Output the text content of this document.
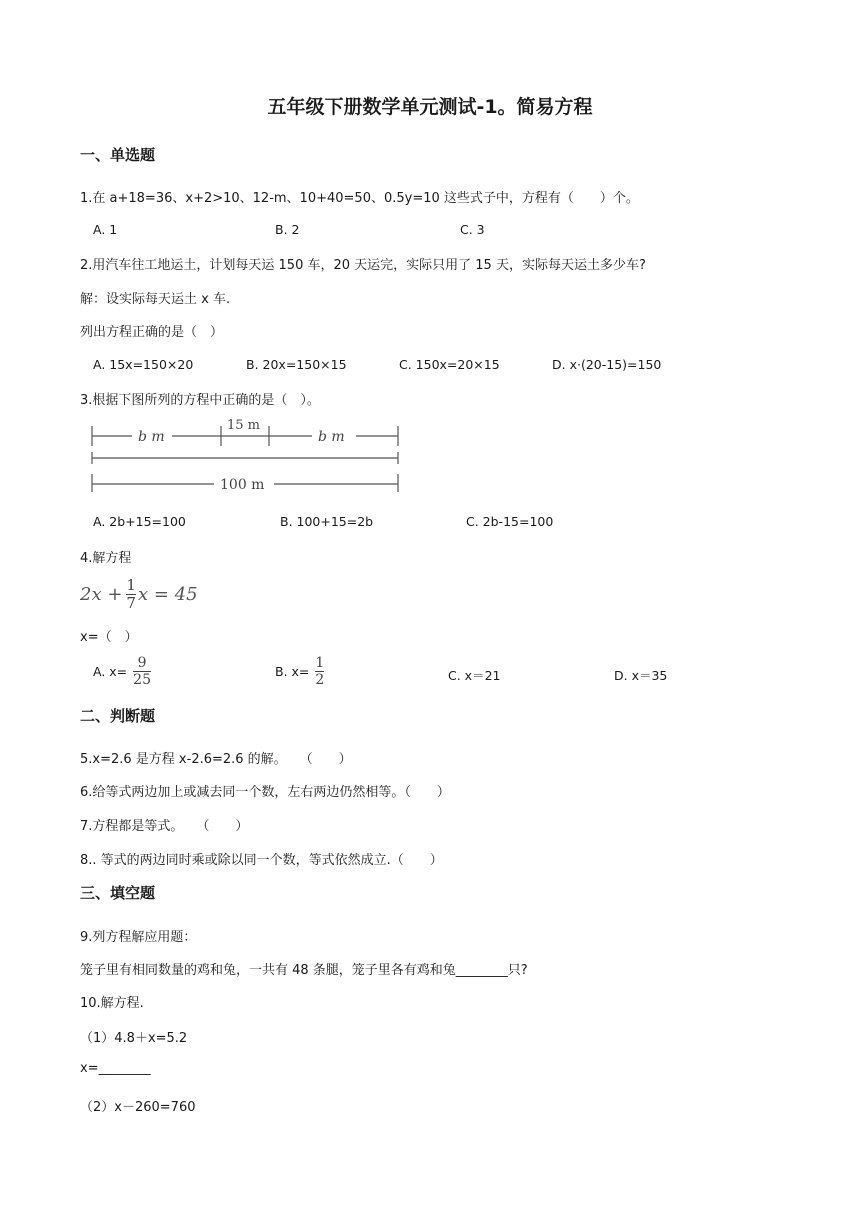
五年级下册数学单元测试-1。简易方程
一、单选题
1.在 a+18=36、x+2>10、12-m、10+40=50、0.5y=10 这些式子中，方程有（　　）个。
A. 1	B. 2	C. 3
2.用汽车往工地运土，计划每天运 150 车，20 天运完，实际只用了 15 天，实际每天运土多少车?
解：设实际每天运土 x 车.
列出方程正确的是（　）
A. 15x=150×20	B. 20x=150×15	C. 150x=20×15	D. x·(20-15)=150
3.根据下图所列的方程中正确的是（　）。
b m
15 m
b m
100 m
A. 2b+15=100	B. 100+15=2b	C. 2b-15=100
4.解方程
$2x + \frac{1}{7}$ x = 45
x=（　）
A. $x= \frac{9}{25}$	B. $x= \frac{1}{2}$	C. x＝21	D. x＝35
二、判断题
5.x=2.6 是方程 x-2.6=2.6 的解。　　（　　）
6.给等式两边加上或减去同一个数，左右两边仍然相等。（　　）
7.方程都是等式。　　（　　）
8.. 等式的两边同时乘或除以同一个数，等式依然成立.（　　）
三、填空题
9.列方程解应用题：
笼子里有相同数量的鸡和兔，一共有 48 条腿，笼子里各有鸡和兔________只?
10.解方程.
（1）4.8＋x=5.2
x=________
（2）x－260=760
